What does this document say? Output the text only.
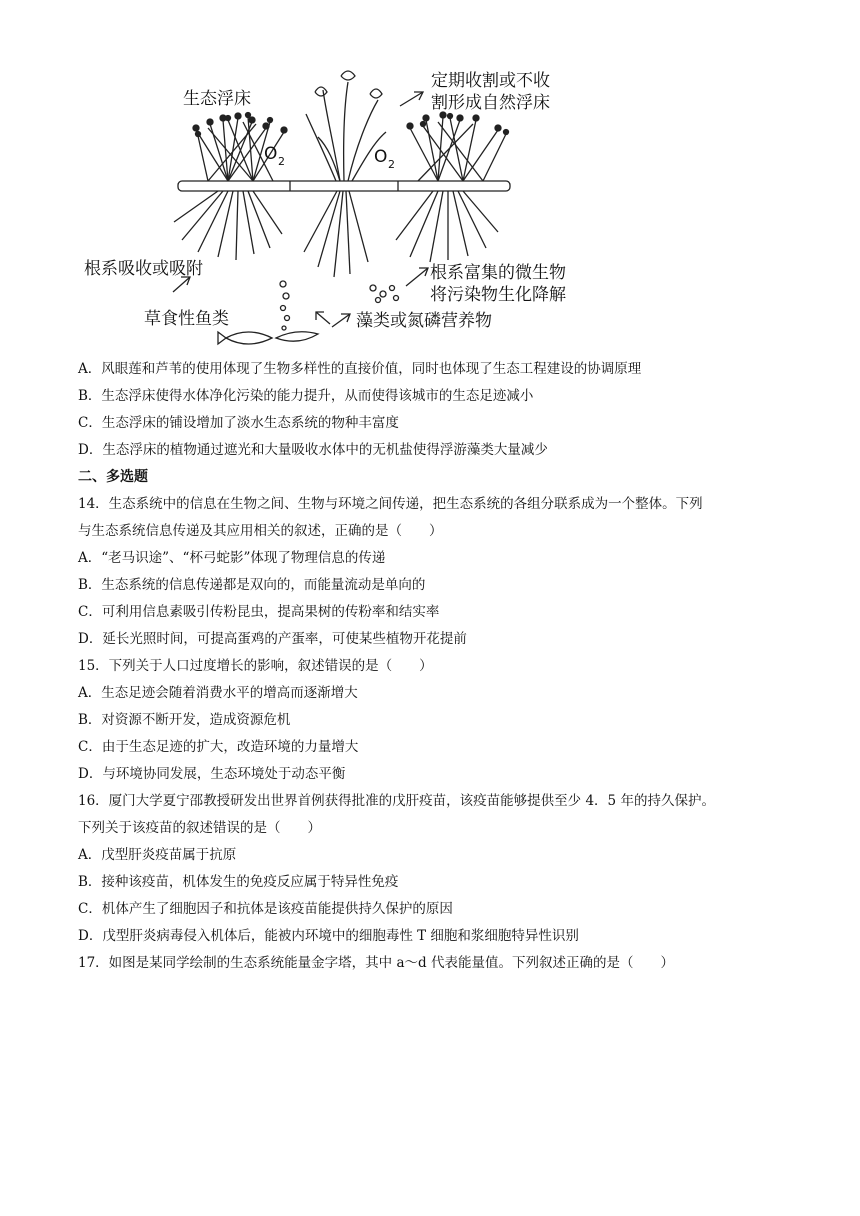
生态浮床
定期收割或不收
割形成自然浮床
O 2	O 2
根系吸收或吸附	根系富集的微生物
将污染物生化降解
草食性鱼类	藻类或氮磷营养物
A．风眼莲和芦苇的使用体现了生物多样性的直接价值，同时也体现了生态工程建设的协调原理
B．生态浮床使得水体净化污染的能力提升，从而使得该城市的生态足迹减小
C．生态浮床的铺设增加了淡水生态系统的物种丰富度
D．生态浮床的植物通过遮光和大量吸收水体中的无机盐使得浮游藻类大量减少
二、多选题
14．生态系统中的信息在生物之间、生物与环境之间传递，把生态系统的各组分联系成为一个整体。下列
与生态系统信息传递及其应用相关的叙述，正确的是（　　）
A．“老马识途”、“杯弓蛇影”体现了物理信息的传递
B．生态系统的信息传递都是双向的，而能量流动是单向的
C．可利用信息素吸引传粉昆虫，提高果树的传粉率和结实率
D．延长光照时间，可提高蛋鸡的产蛋率，可使某些植物开花提前
15．下列关于人口过度增长的影响，叙述错误的是（　　）
A．生态足迹会随着消费水平的增高而逐渐增大
B．对资源不断开发，造成资源危机
C．由于生态足迹的扩大，改造环境的力量增大
D．与环境协同发展，生态环境处于动态平衡
16．厦门大学夏宁邵教授研发出世界首例获得批准的戊肝疫苗，该疫苗能够提供至少 4．5 年的持久保护。
下列关于该疫苗的叙述错误的是（　　）
A．戊型肝炎疫苗属于抗原
B．接种该疫苗，机体发生的免疫反应属于特异性免疫
C．机体产生了细胞因子和抗体是该疫苗能提供持久保护的原因
D．戊型肝炎病毒侵入机体后，能被内环境中的细胞毒性 T 细胞和浆细胞特异性识别
17．如图是某同学绘制的生态系统能量金字塔，其中 a～d 代表能量值。下列叙述正确的是（　　）
